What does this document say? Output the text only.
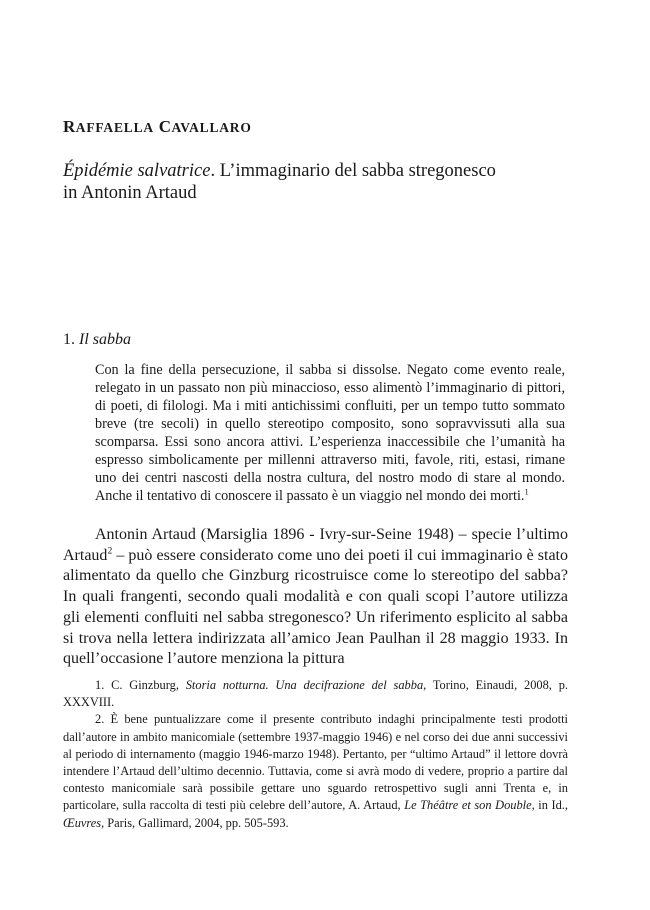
RAFFAELLA CAVALLARO
Épidémie salvatrice. L’immaginario del sabba stregonesco
in Antonin Artaud
1. Il sabba

Con la fine della persecuzione, il sabba si dissolse. Negato come evento reale, relegato in un passato non più minaccioso, esso alimentò l’immaginario di pittori, di poeti, di filologi. Ma i miti antichissimi confluiti, per un tempo tutto sommato breve (tre secoli) in quello stereotipo composito, sono sopravvissuti alla sua scomparsa. Essi sono ancora attivi. L’esperienza inaccessibile che l’umanità ha espresso simbolicamente per millenni attraverso miti, favole, riti, estasi, rimane uno dei centri nascosti della nostra cultura, del nostro modo di stare al mondo. Anche il tentativo di conoscere il passato è un viaggio nel mondo dei morti.$^1$

Antonin Artaud (Marsiglia 1896 - Ivry-sur-Seine 1948) – specie l’ultimo Artaud$^2$ – può essere considerato come uno dei poeti il cui immaginario è stato alimentato da quello che Ginzburg ricostruisce come lo stereotipo del sabba? In quali frangenti, secondo quali modalità e con quali scopi l’autore utilizza gli elementi confluiti nel sabba stregonesco? Un riferimento esplicito al sabba si trova nella lettera indirizzata all’amico Jean Paulhan il 28 maggio 1933. In quell’occasione l’autore menziona la pittura

1. C. Ginzburg, Storia notturna. Una decifrazione del sabba, Torino, Einaudi, 2008, p. XXXVIII.

2. È bene puntualizzare come il presente contributo indaghi principalmente testi prodotti dall’autore in ambito manicomiale (settembre 1937-maggio 1946) e nel corso dei due anni successivi al periodo di internamento (maggio 1946-marzo 1948). Pertanto, per “ultimo Artaud” il lettore dovrà intendere l’Artaud dell’ultimo decennio. Tuttavia, come si avrà modo di vedere, proprio a partire dal contesto manicomiale sarà possibile gettare uno sguardo retrospettivo sugli anni Trenta e, in particolare, sulla raccolta di testi più celebre dell’autore, A. Artaud, Le Théâtre et son Double, in Id., Œuvres, Paris, Gallimard, 2004, pp. 505-593.
